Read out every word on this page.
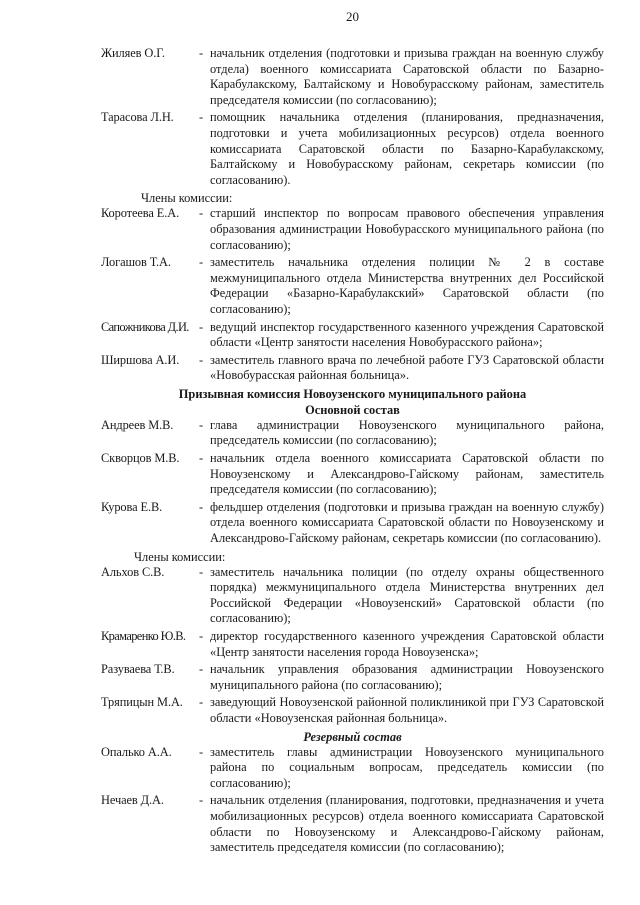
20
Жиляев О.Г.	- начальник отделения (подготовки и призыва граждан на военную службу отдела) военного комиссариата Саратовской области по Базарно-Карабулакскому, Балтайскому и Новобурасскому районам, заместитель председателя комиссии (по согласованию);
Тарасова Л.Н.	- помощник начальника отделения (планирования, предназначения, подготовки и учета мобилизационных ресурсов) отдела военного комиссариата Саратовской области по Базарно-Карабулакскому, Балтайскому и Новобурасскому районам, секретарь комиссии (по согласованию).

Члены комиссии:

Коротеева Е.А.	- старший инспектор по вопросам правового обеспечения управления образования администрации Новобурасского муниципального района (по согласованию);
Логашов Т.А.	- заместитель начальника отделения полиции № 2 в составе межмуниципального отдела Министерства внутренних дел Российской Федерации «Базарно-Карабулакский» Саратовской области (по согласованию);
Сапожникова Д.И. - ведущий инспектор государственного казенного учреждения Саратовской области «Центр занятости населения Новобурасского района»;
Ширшова А.И.	- заместитель главного врача по лечебной работе ГУЗ Саратовской области «Новобурасская районная больница».
Призывная комиссия Новоузенского муниципального района
Основной состав
Андреев М.В.	- глава администрации Новоузенского муниципального района, председатель комиссии (по согласованию);
Скворцов М.В.	- начальник отдела военного комиссариата Саратовской области по Новоузенскому и Александрово-Гайскому районам, заместитель председателя комиссии (по согласованию);
Курова Е.В.	- фельдшер отделения (подготовки и призыва граждан на военную службу) отдела военного комиссариата Саратовской области по Новоузенскому и Александрово-Гайскому районам, секретарь комиссии (по согласованию).

Члены комиссии:

Альхов С.В.	- заместитель начальника полиции (по отделу охраны общественного порядка) межмуниципального отдела Министерства внутренних дел Российской Федерации «Новоузенский» Саратовской области (по согласованию);
Крамаренко Ю.В.	- директор государственного казенного учреждения Саратовской области «Центр занятости населения города Новоузенска»;
Разуваева Т.В.	- начальник управления образования администрации Новоузенского муниципального района (по согласованию);
Тряпицын М.А.	- заведующий Новоузенской районной поликлиникой при ГУЗ Саратовской области «Новоузенская районная больница».
Резервный состав
Опалько А.А.	- заместитель главы администрации Новоузенского муниципального района по социальным вопросам, председатель комиссии (по согласованию);
Нечаев Д.А.	- начальник отделения (планирования, подготовки, предназначения и учета мобилизационных ресурсов) отдела военного комиссариата Саратовской области по Новоузенскому и Александрово-Гайскому районам, заместитель председателя комиссии (по согласованию);
